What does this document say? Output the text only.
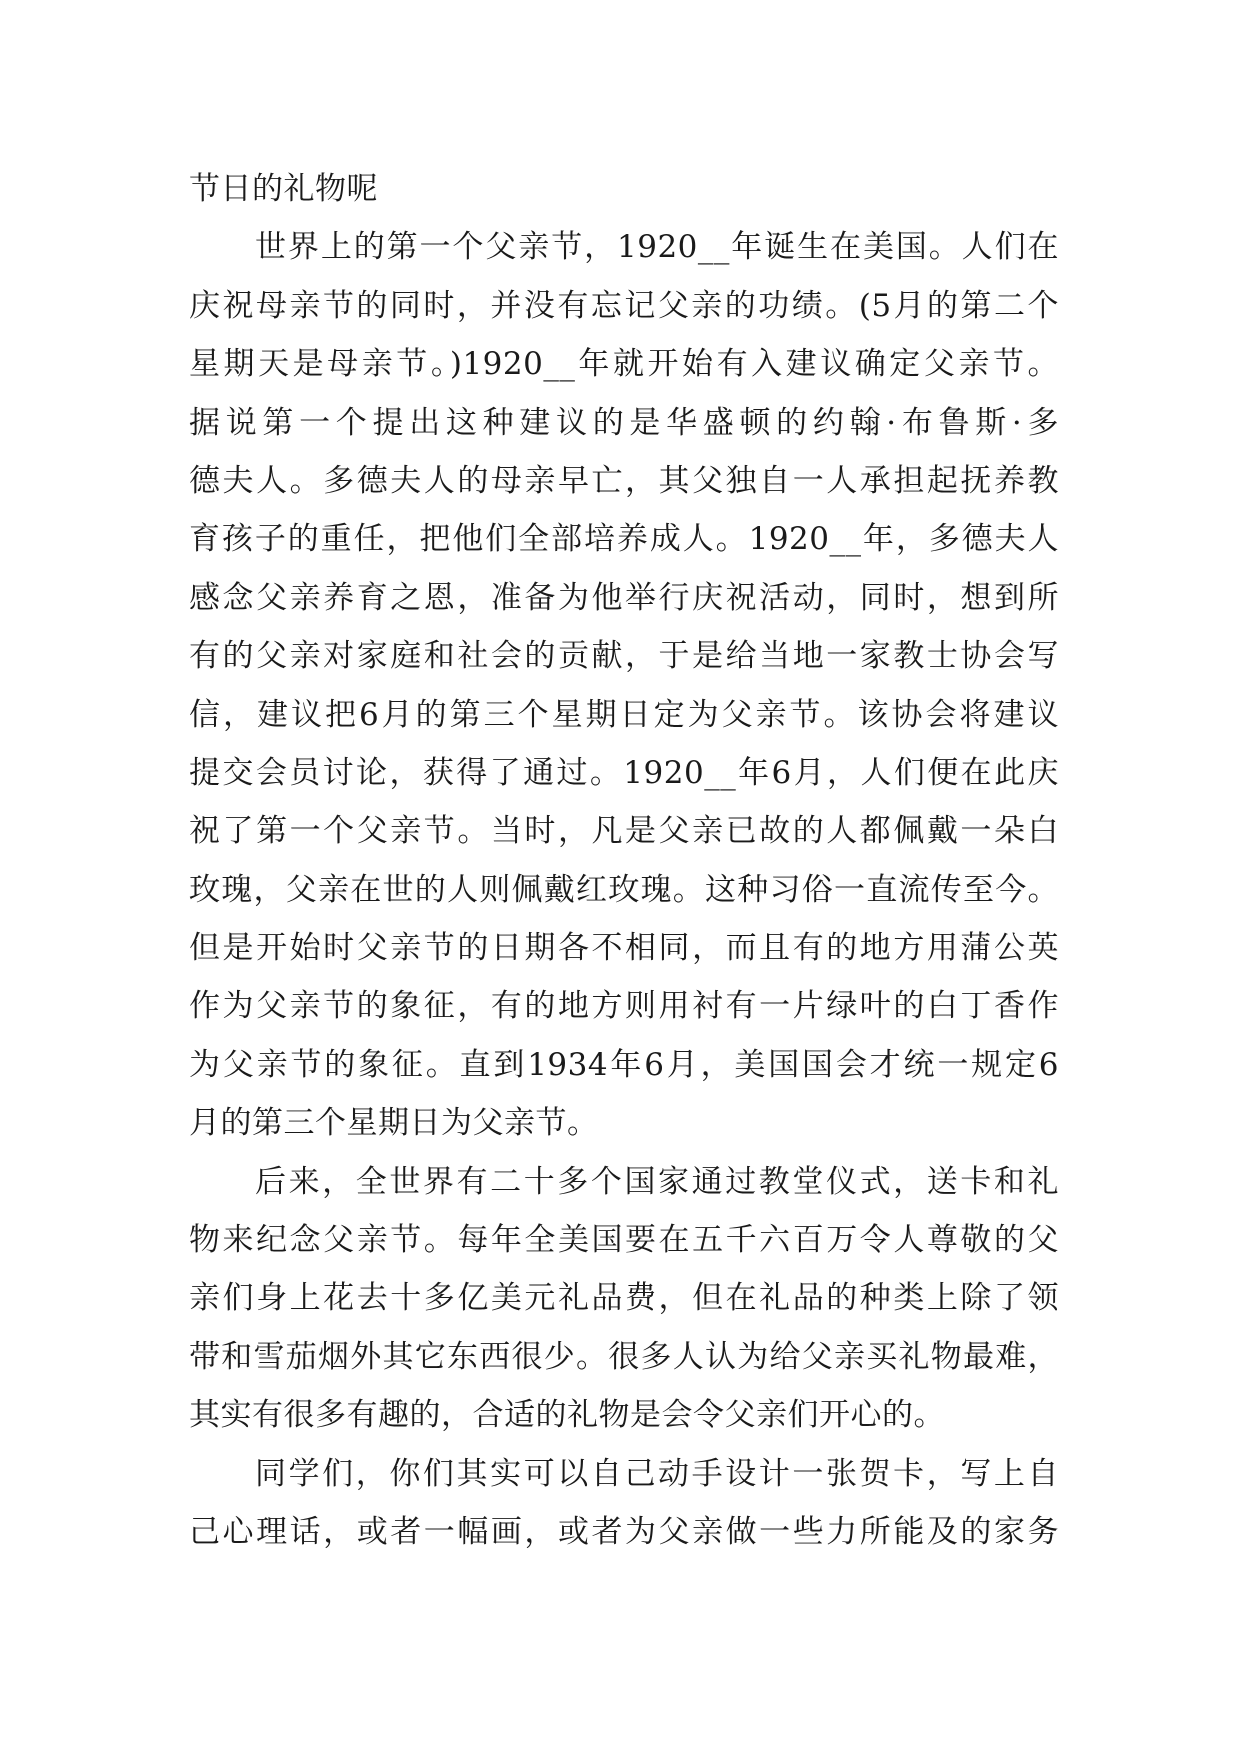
节日的礼物呢
世界上的第一个父亲节，1920__年诞生在美国。人们在
庆祝母亲节的同时，并没有忘记父亲的功绩。(5月的第二个
星期天是母亲节。)1920__年就开始有入建议确定父亲节。
据说第一个提出这种建议的是华盛顿的约翰·布鲁斯·多
德夫人。多德夫人的母亲早亡，其父独自一人承担起抚养教
育孩子的重任，把他们全部培养成人。1920__年，多德夫人
感念父亲养育之恩，准备为他举行庆祝活动，同时，想到所
有的父亲对家庭和社会的贡献，于是给当地一家教士协会写
信，建议把6月的第三个星期日定为父亲节。该协会将建议
提交会员讨论，获得了通过。1920__年6月，人们便在此庆
祝了第一个父亲节。当时，凡是父亲已故的人都佩戴一朵白
玫瑰，父亲在世的人则佩戴红玫瑰。这种习俗一直流传至今。
但是开始时父亲节的日期各不相同，而且有的地方用蒲公英
作为父亲节的象征，有的地方则用衬有一片绿叶的白丁香作
为父亲节的象征。直到1934年6月，美国国会才统一规定6
月的第三个星期日为父亲节。
后来，全世界有二十多个国家通过教堂仪式，送卡和礼
物来纪念父亲节。每年全美国要在五千六百万令人尊敬的父
亲们身上花去十多亿美元礼品费，但在礼品的种类上除了领
带和雪茄烟外其它东西很少。很多人认为给父亲买礼物最难，
其实有很多有趣的，合适的礼物是会令父亲们开心的。
同学们，你们其实可以自己动手设计一张贺卡，写上自
己心理话，或者一幅画，或者为父亲做一些力所能及的家务
